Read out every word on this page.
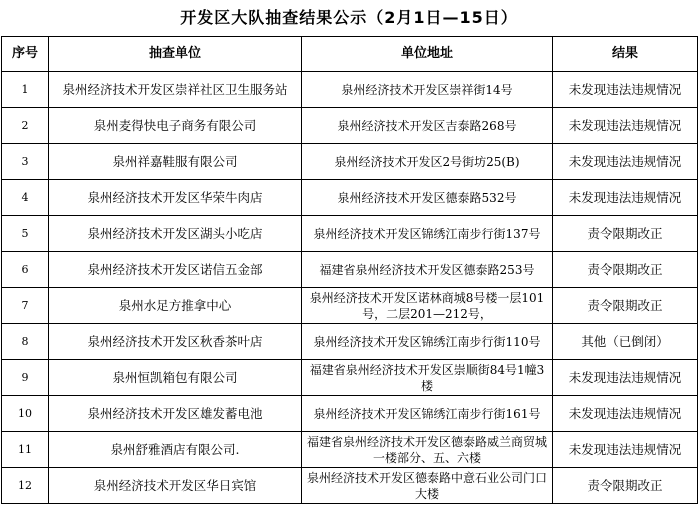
开发区大队抽查结果公示（2月1日—15日）
序号	抽查单位	单位地址	结果
1	泉州经济技术开发区崇祥社区卫生服务站	泉州经济技术开发区崇祥街14号	未发现违法违规情况
2	泉州麦得快电子商务有限公司	泉州经济技术开发区吉泰路268号	未发现违法违规情况
3	泉州祥嘉鞋服有限公司	泉州经济技术开发区2号街坊25(B)	未发现违法违规情况
4	泉州经济技术开发区华荣牛肉店	泉州经济技术开发区德泰路532号	未发现违法违规情况
5	泉州经济技术开发区湖头小吃店	泉州经济技术开发区锦绣江南步行街137号	责令限期改正
6	泉州经济技术开发区诺信五金部	福建省泉州经济技术开发区德泰路253号	责令限期改正
7	泉州水足方推拿中心	泉州经济技术开发区诺林商城8号楼一层101号，二层201—212号，	责令限期改正
8	泉州经济技术开发区秋香茶叶店	泉州经济技术开发区锦绣江南步行街110号	其他（已倒闭）
9	泉州恒凯箱包有限公司	福建省泉州经济技术开发区崇顺街84号1幢3楼	未发现违法违规情况
10	泉州经济技术开发区雄发蓄电池	泉州经济技术开发区锦绣江南步行街161号	未发现违法违规情况
11	泉州舒雅酒店有限公司.	福建省泉州经济技术开发区德泰路威兰商贸城一楼部分、五、六楼	未发现违法违规情况
12	泉州经济技术开发区华日宾馆	泉州经济技术开发区德泰路中意石业公司门口大楼	责令限期改正
